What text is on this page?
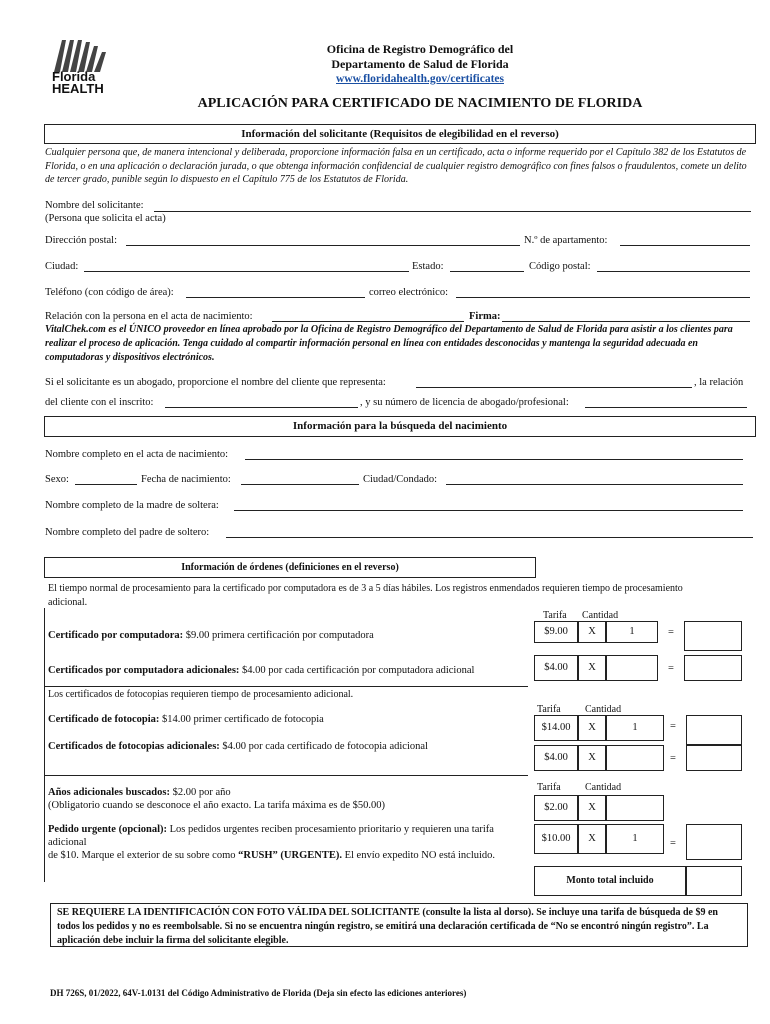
Florida
HEALTH
Oficina de Registro Demográfico del
Departamento de Salud de Florida
www.floridahealth.gov/certificates
APLICACIÓN PARA CERTIFICADO DE NACIMIENTO DE FLORIDA
Información del solicitante (Requisitos de elegibilidad en el reverso)
Cualquier persona que, de manera intencional y deliberada, proporcione información falsa en un certificado, acta o informe requerido por el Capítulo 382 de los Estatutos de Florida, o en una aplicación o declaración jurada, o que obtenga información confidencial de cualquier registro demográfico con fines falsos o fraudulentos, comete un delito de tercer grado, punible según lo dispuesto en el Capítulo 775 de los Estatutos de Florida.
Nombre del solicitante:
(Persona que solicita el acta)
Dirección postal:	N.º de apartamento:
Ciudad:	Estado:	Código postal:
Teléfono (con código de área):	correo electrónico:
Relación con la persona en el acta de nacimiento:	Firma:
VitalChek.com es el ÚNICO proveedor en línea aprobado por la Oficina de Registro Demográfico del Departamento de Salud de Florida para asistir a los clientes para realizar el proceso de aplicación. Tenga cuidado al compartir información personal en línea con entidades desconocidas y mantenga la seguridad adecuada en computadoras y dispositivos electrónicos.
Si el solicitante es un abogado, proporcione el nombre del cliente que representa:	, la relación
del cliente con el inscrito:	, y su número de licencia de abogado/profesional:
Información para la búsqueda del nacimiento
Nombre completo en el acta de nacimiento:
Sexo:	Fecha de nacimiento:	Ciudad/Condado:
Nombre completo de la madre de soltera:
Nombre completo del padre de soltero:
Información de órdenes (definiciones en el reverso)
El tiempo normal de procesamiento para la certificado por computadora es de 3 a 5 días hábiles. Los registros enmendados requieren tiempo de procesamiento adicional.
Tarifa Cantidad
Certificado por computadora: $9.00 primera certificación por computadora	$9.00	X	1	=
Certificados por computadora adicionales: $4.00 por cada certificación por computadora adicional	$4.00	X	=
Los certificados de fotocopias requieren tiempo de procesamiento adicional.
Tarifa Cantidad
Certificado de fotocopia: $14.00 primer certificado de fotocopia
$14.00	X	1	=
Certificados de fotocopias adicionales: $4.00 por cada certificado de fotocopia adicional
$4.00	X	=
Tarifa Cantidad
Años adicionales buscados: $2.00 por año
(Obligatorio cuando se desconoce el año exacto. La tarifa máxima es de $50.00)	$2.00	X
Pedido urgente (opcional): Los pedidos urgentes reciben procesamiento prioritario y requieren una tarifa adicional
de $10. Marque el exterior de su sobre como “RUSH” (URGENTE). El envío expedito NO está incluido.
$10.00	X	1	=
Monto total incluido
SE REQUIERE LA IDENTIFICACIÓN CON FOTO VÁLIDA DEL SOLICITANTE (consulte la lista al dorso). Se incluye una tarifa de búsqueda de $9 en todos los pedidos y no es reembolsable. Si no se encuentra ningún registro, se emitirá una declaración certificada de “No se encontró ningún registro”. La aplicación debe incluir la firma del solicitante elegible.
DH 726S, 01/2022, 64V-1.0131 del Código Administrativo de Florida (Deja sin efecto las ediciones anteriores)
